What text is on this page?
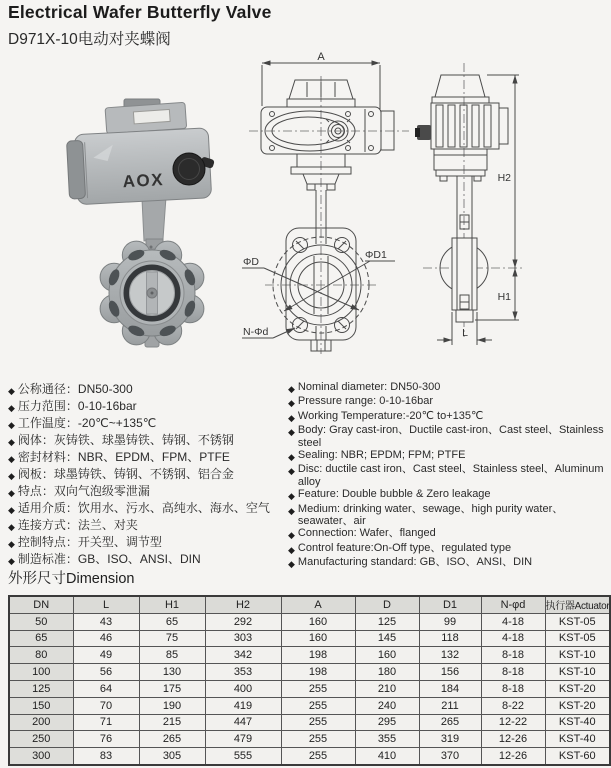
Electrical Wafer Butterfly Valve
D971X-10电动对夹蝶阀
AOX
A
ΦD
ΦD1
N-Φd
H2
H1
L
◆ 公称通径：DN50-300
◆ 压力范围：0-10-16bar
◆ 工作温度：-20℃~+135℃
◆ 阀体：灰铸铁、球墨铸铁、铸钢、不锈钢
◆ 密封材料：NBR、EPDM、FPM、PTFE
◆ 阀板：球墨铸铁、铸钢、不锈钢、铝合金
◆ 特点：双向气泡级零泄漏
◆ 适用介质：饮用水、污水、高纯水、海水、空气
◆ 连接方式：法兰、对夹
◆ 控制特点：开关型、调节型
◆ 制造标准：GB、ISO、ANSI、DIN
◆ Nominal diameter: DN50-300
◆ Pressure range: 0-10-16bar
◆ Working Temperature:-20℃ to+135℃
◆ Body: Gray cast-iron、Ductile cast-iron、Cast steel、Stainless steel
◆ Sealing: NBR; EPDM; FPM; PTFE
◆ Disc: ductile cast iron、Cast steel、Stainless steel、Aluminum alloy
◆ Feature: Double bubble & Zero leakage
◆ Medium: drinking water、sewage、high purity water、seawater、air
◆ Connection: Wafer、flanged
◆ Control feature:On-Off type、regulated type
◆ Manufacturing standard: GB、ISO、ANSI、DIN
外形尺寸Dimension
DN	L	H1	H2	A	D	D1	N-φd	执行器Actuator
50	43	65	292	160	125	99	4-18	KST-05
65	46	75	303	160	145	118	4-18	KST-05
80	49	85	342	198	160	132	8-18	KST-10
100	56	130	353	198	180	156	8-18	KST-10
125	64	175	400	255	210	184	8-18	KST-20
150	70	190	419	255	240	211	8-22	KST-20
200	71	215	447	255	295	265	12-22	KST-40
250	76	265	479	255	355	319	12-26	KST-40
300	83	305	555	255	410	370	12-26	KST-60
